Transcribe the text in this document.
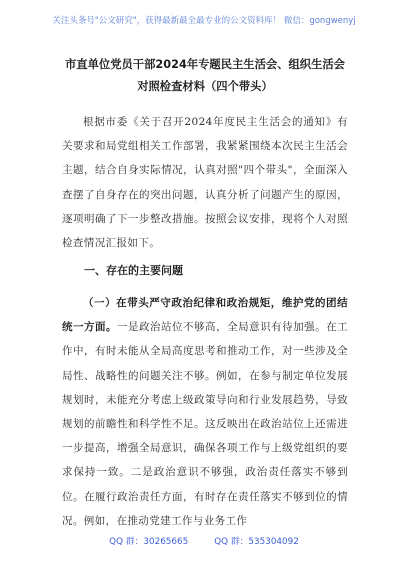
关注头条号"公文研究"，获得最新最全最专业的公文资料库！ 微信：gongwenyj
市直单位党员干部2024年专题民主生活会、组织生活会对照检查材料（四个带头）

根据市委《关于召开2024年度民主生活会的通知》有关要求和局党组相关工作部署，我紧紧围绕本次民主生活会主题，结合自身实际情况，认真对照"四个带头"，全面深入查摆了自身存在的突出问题，认真分析了问题产生的原因，逐项明确了下一步整改措施。按照会议安排，现将个人对照检查情况汇报如下。

一、存在的主要问题

（一）在带头严守政治纪律和政治规矩，维护党的团结统一方面。一是政治站位不够高，全局意识有待加强。在工作中，有时未能从全局高度思考和推动工作，对一些涉及全局性、战略性的问题关注不够。例如，在参与制定单位发展规划时，未能充分考虑上级政策导向和行业发展趋势，导致规划的前瞻性和科学性不足。这反映出在政治站位上还需进一步提高，增强全局意识，确保各项工作与上级党组织的要求保持一致。二是政治意识不够强，政治责任落实不够到位。在履行政治责任方面，有时存在责任落实不够到位的情况。例如，在推动党建工作与业务工作

QQ 群：30265665	QQ 群：535304092
